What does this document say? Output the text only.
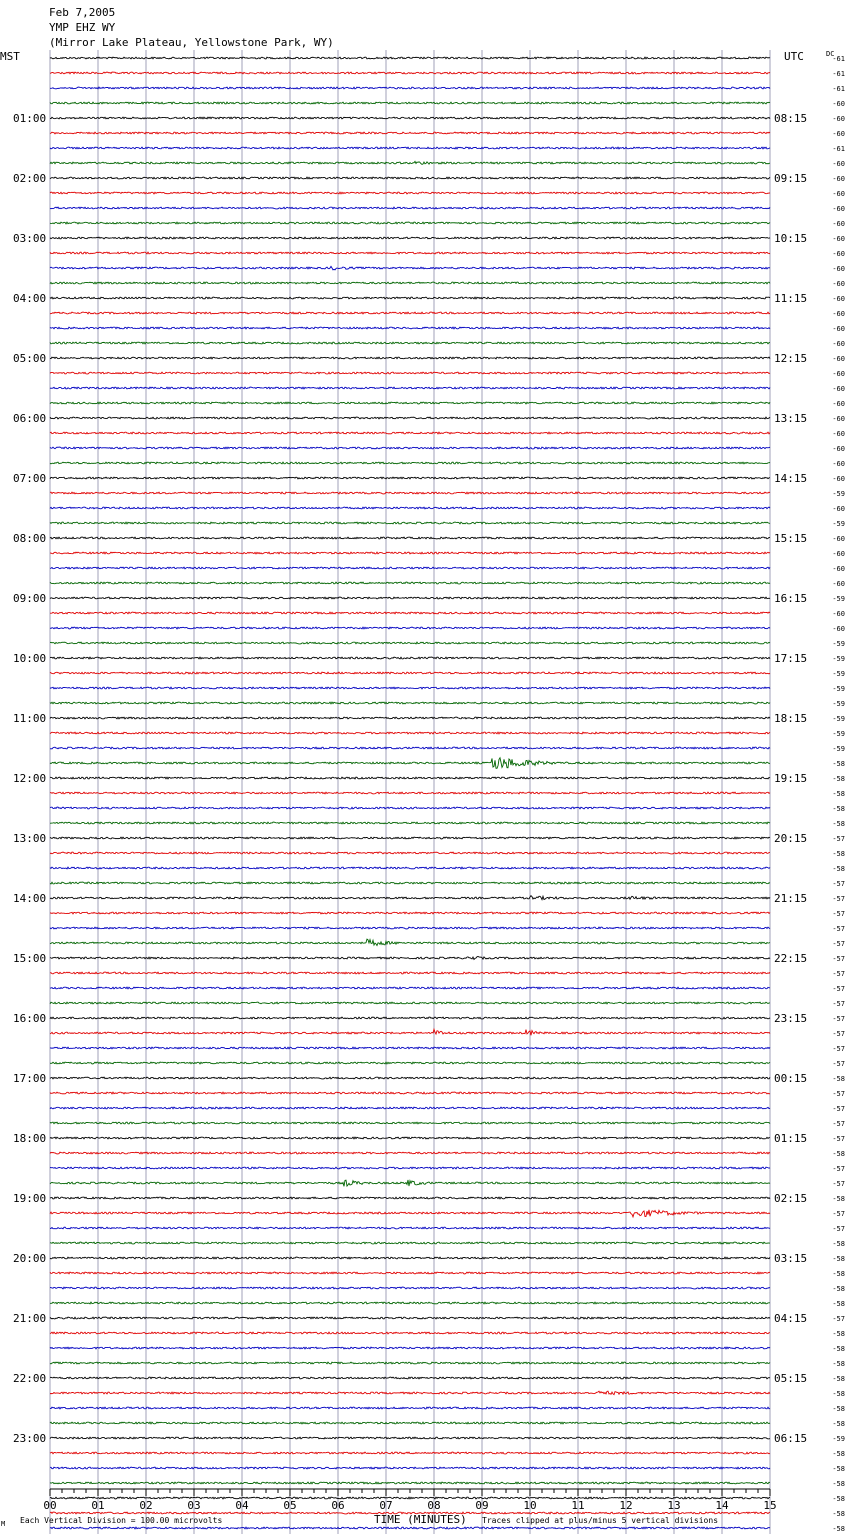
Feb 7,2005
YMP EHZ WY
(Mirror Lake Plateau, Yellowstone Park, WY)
MST	UTC	DC
01:00
02:00
03:00
04:00
05:00
06:00
07:00
08:00
09:00
10:00
11:00
12:00
13:00
14:00
15:00
16:00
17:00
18:00
19:00
20:00
21:00
22:00
23:00
08:15
09:15
10:15
11:15
12:15
13:15
14:15
15:15
16:15
17:15
18:15
19:15
20:15
21:15
22:15
23:15
00:15
01:15
02:15
03:15
04:15
05:15
06:15
-61
-61
-61
-60
-60
-60
-61
-60
-60
-60
-60
-60
-60
-60
-60
-60
-60
-60
-60
-60
-60
-60
-60
-60
-60
-60
-60
-60
-60
-59
-60
-59
-60
-60
-60
-60
-59
-60
-60
-59
-59
-59
-59
-59
-59
-59
-59
-58
-58
-58
-58
-58
-57
-58
-58
-57
-57
-57
-57
-57
-57
-57
-57
-57
-57
-57
-57
-57
-58
-57
-57
-57
-57
-58
-57
-57
-58
-57
-57
-58
-58
-58
-58
-58
-57
-58
-58
-58
-58
-58
-58
-58
-59
-58
-58
-58
-58
-58
-58
00	01	02	03	04	05	06	07	08	09	10	11	12	13	14	15
TIME (MINUTES)
Each Vertical Division = 100.00 microvolts	Traces clipped at plus/minus 5 vertical divisions
M
